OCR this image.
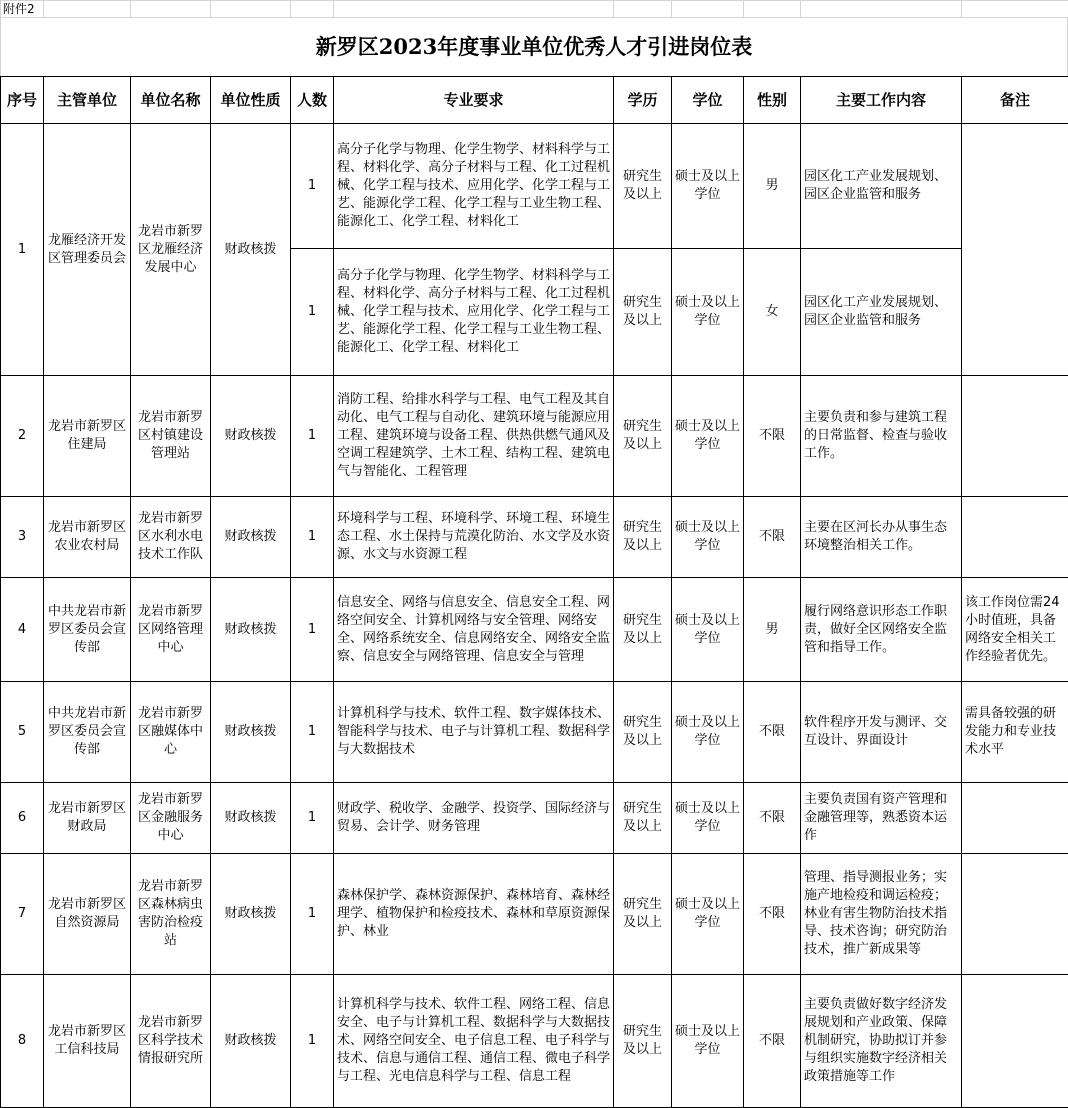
附件2										
新罗区2023年度事业单位优秀人才引进岗位表
序号	主管单位	单位名称	单位性质	人数	专业要求	学历	学位	性别	主要工作内容	备注
1	龙雁经济开发区管理委员会	龙岩市新罗区龙雁经济发展中心	财政核拨	1	高分子化学与物理、化学生物学、材料科学与工程、材料化学、高分子材料与工程、化工过程机械、化学工程与技术、应用化学、化学工程与工艺、能源化学工程、化学工程与工业生物工程、能源化工、化学工程、材料化工	研究生及以上	硕士及以上学位	男	园区化工产业发展规划、园区企业监管和服务	
				1	高分子化学与物理、化学生物学、材料科学与工程、材料化学、高分子材料与工程、化工过程机械、化学工程与技术、应用化学、化学工程与工艺、能源化学工程、化学工程与工业生物工程、能源化工、化学工程、材料化工	研究生及以上	硕士及以上学位	女	园区化工产业发展规划、园区企业监管和服务	
2	龙岩市新罗区住建局	龙岩市新罗区村镇建设管理站	财政核拨	1	消防工程、给排水科学与工程、电气工程及其自动化、电气工程与自动化、建筑环境与能源应用工程、建筑环境与设备工程、供热供燃气通风及空调工程建筑学、土木工程、结构工程、建筑电气与智能化、工程管理	研究生及以上	硕士及以上学位	不限	主要负责和参与建筑工程的日常监督、检查与验收工作。	
3	龙岩市新罗区农业农村局	龙岩市新罗区水利水电技术工作队	财政核拨	1	环境科学与工程、环境科学、环境工程、环境生态工程、水土保持与荒漠化防治、水文学及水资源、水文与水资源工程	研究生及以上	硕士及以上学位	不限	主要在区河长办从事生态环境整治相关工作。	
4	中共龙岩市新罗区委员会宣传部	龙岩市新罗区网络管理中心	财政核拨	1	信息安全、网络与信息安全、信息安全工程、网络空间安全、计算机网络与安全管理、网络安全、网络系统安全、信息网络安全、网络安全监察、信息安全与网络管理、信息安全与管理	研究生及以上	硕士及以上学位	男	履行网络意识形态工作职责，做好全区网络安全监管和指导工作。	该工作岗位需24小时值班，具备网络安全相关工作经验者优先。
5	中共龙岩市新罗区委员会宣传部	龙岩市新罗区融媒体中心	财政核拨	1	计算机科学与技术、软件工程、数字媒体技术、智能科学与技术、电子与计算机工程、数据科学与大数据技术	研究生及以上	硕士及以上学位	不限	软件程序开发与测评、交互设计、界面设计	需具备较强的研发能力和专业技术水平
6	龙岩市新罗区财政局	龙岩市新罗区金融服务中心	财政核拨	1	财政学、税收学、金融学、投资学、国际经济与贸易、会计学、财务管理	研究生及以上	硕士及以上学位	不限	主要负责国有资产管理和金融管理等，熟悉资本运作	
7	龙岩市新罗区自然资源局	龙岩市新罗区森林病虫害防治检疫站	财政核拨	1	森林保护学、森林资源保护、森林培育、森林经理学、植物保护和检疫技术、森林和草原资源保护、林业	研究生及以上	硕士及以上学位	不限	管理、指导测报业务；实施产地检疫和调运检疫；林业有害生物防治技术指导、技术咨询；研究防治技术，推广新成果等	
8	龙岩市新罗区工信科技局	龙岩市新罗区科学技术情报研究所	财政核拨	1	计算机科学与技术、软件工程、网络工程、信息安全、电子与计算机工程、数据科学与大数据技术、网络空间安全、电子信息工程、电子科学与技术、信息与通信工程、通信工程、微电子科学与工程、光电信息科学与工程、信息工程	研究生及以上	硕士及以上学位	不限	主要负责做好数字经济发展规划和产业政策、保障机制研究，协助拟订并参与组织实施数字经济相关政策措施等工作	
